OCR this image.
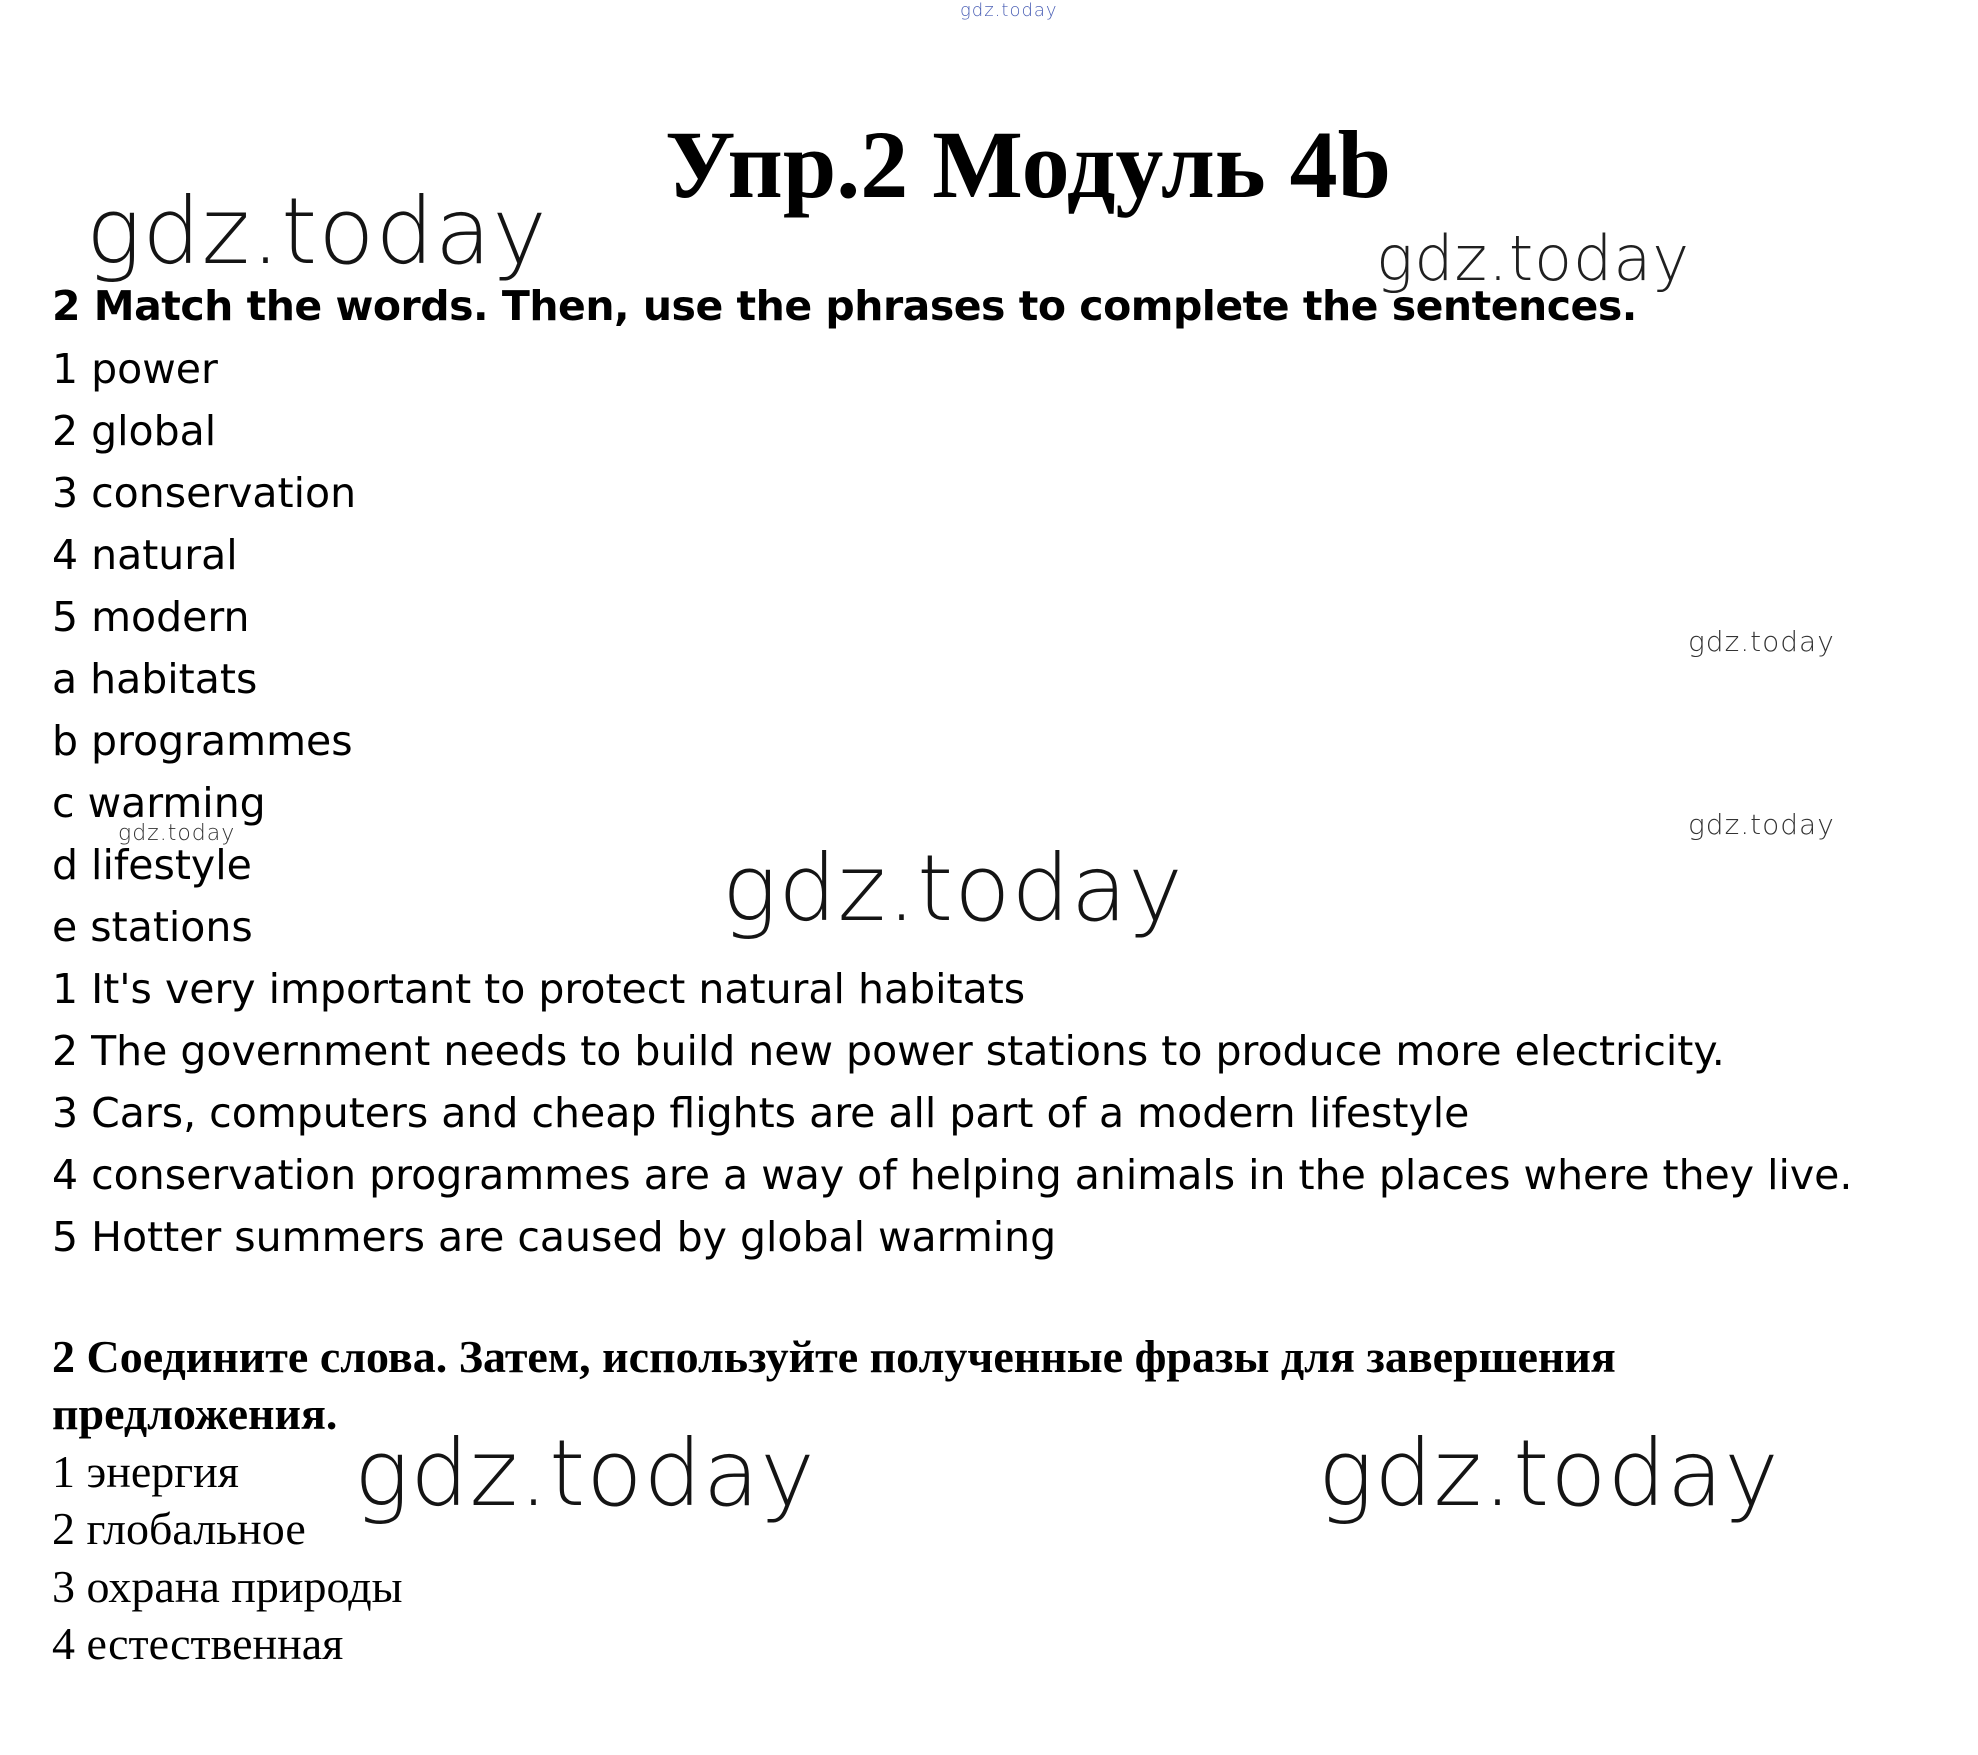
gdz.today
Упр.2 Модуль 4b
gdz.today	gdz.today
2 Match the words. Then, use the phrases to complete the sentences.
1 power
2 global
3 conservation
4 natural
5 modern
gdz.today
a habitats
b programmes
c warming
gdz.today	gdz.today
d lifestyle
e stations	gdz.today
1 It's very important to protect natural habitats
2 The government needs to build new power stations to produce more electricity.
3 Cars, computers and cheap flights are all part of a modern lifestyle
4 conservation programmes are a way of helping animals in the places where they live.
5 Hotter summers are caused by global warming
2 Соедините слова. Затем, используйте полученные фразы для завершения
предложения.
1 энергия
2 глобальное
3 охрана природы
4 естественная
gdz.today	gdz.today
